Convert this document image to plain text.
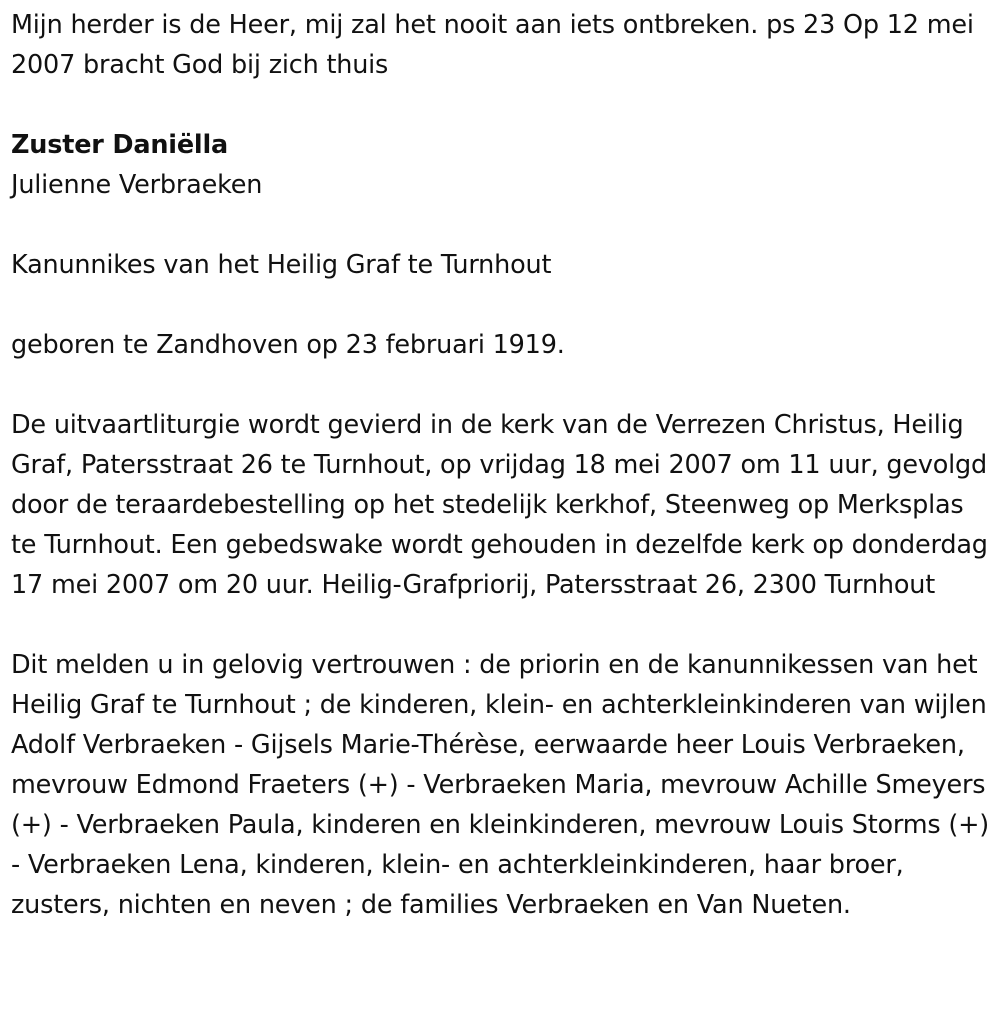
Mijn herder is de Heer, mij zal het nooit aan iets ontbreken. ps 23 Op 12 mei 2007 bracht God bij zich thuis

Zuster Daniëlla

Julienne Verbraeken

Kanunnikes van het Heilig Graf te Turnhout

geboren te Zandhoven op 23 februari 1919.

De uitvaartliturgie wordt gevierd in de kerk van de Verrezen Christus, Heilig Graf, Patersstraat 26 te Turnhout, op vrijdag 18 mei 2007 om 11 uur, gevolgd door de teraardebestelling op het stedelijk kerkhof, Steenweg op Merksplas te Turnhout. Een gebedswake wordt gehouden in dezelfde kerk op donderdag 17 mei 2007 om 20 uur. Heilig-Grafpriorij, Patersstraat 26, 2300 Turnhout

Dit melden u in gelovig vertrouwen : de priorin en de kanunnikessen van het Heilig Graf te Turnhout ; de kinderen, klein- en achterkleinkinderen van wijlen Adolf Verbraeken - Gijsels Marie-Thérèse, eerwaarde heer Louis Verbraeken, mevrouw Edmond Fraeters (+) - Verbraeken Maria, mevrouw Achille Smeyers (+) - Verbraeken Paula, kinderen en kleinkinderen, mevrouw Louis Storms (+) - Verbraeken Lena, kinderen, klein- en achterkleinkinderen, haar broer, zusters, nichten en neven ; de families Verbraeken en Van Nueten.
